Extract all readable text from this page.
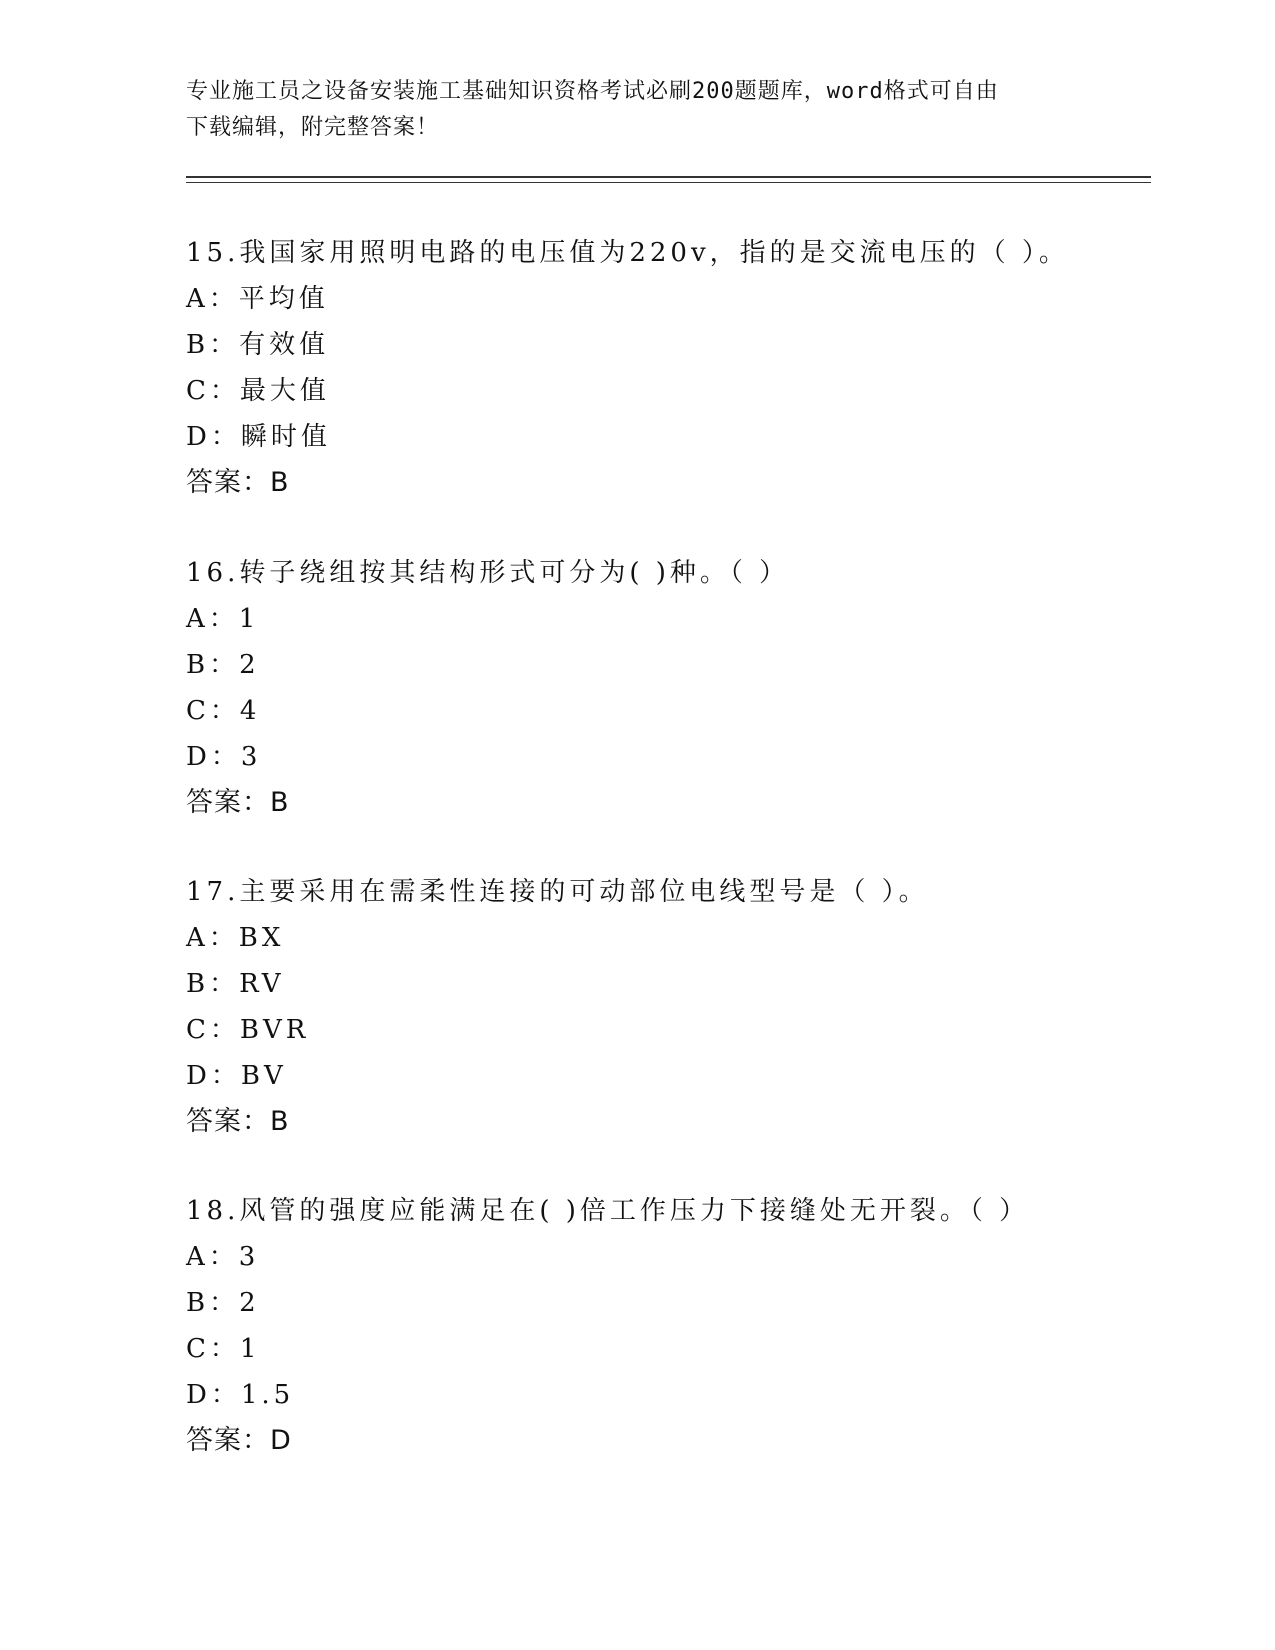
专业施工员之设备安装施工基础知识资格考试必刷200题题库，word格式可自由
下载编辑，附完整答案！
15.我国家用照明电路的电压值为220v，指的是交流电压的（ ）。
A：平均值
B：有效值
C：最大值
D：瞬时值
答案：B
16.转子绕组按其结构形式可分为( )种。（ ）
A：1
B：2
C：4
D：3
答案：B
17.主要采用在需柔性连接的可动部位电线型号是（ ）。
A：BX
B：RV
C：BVR
D：BV
答案：B
18.风管的强度应能满足在( )倍工作压力下接缝处无开裂。（ ）
A：3
B：2
C：1
D：1.5
答案：D
